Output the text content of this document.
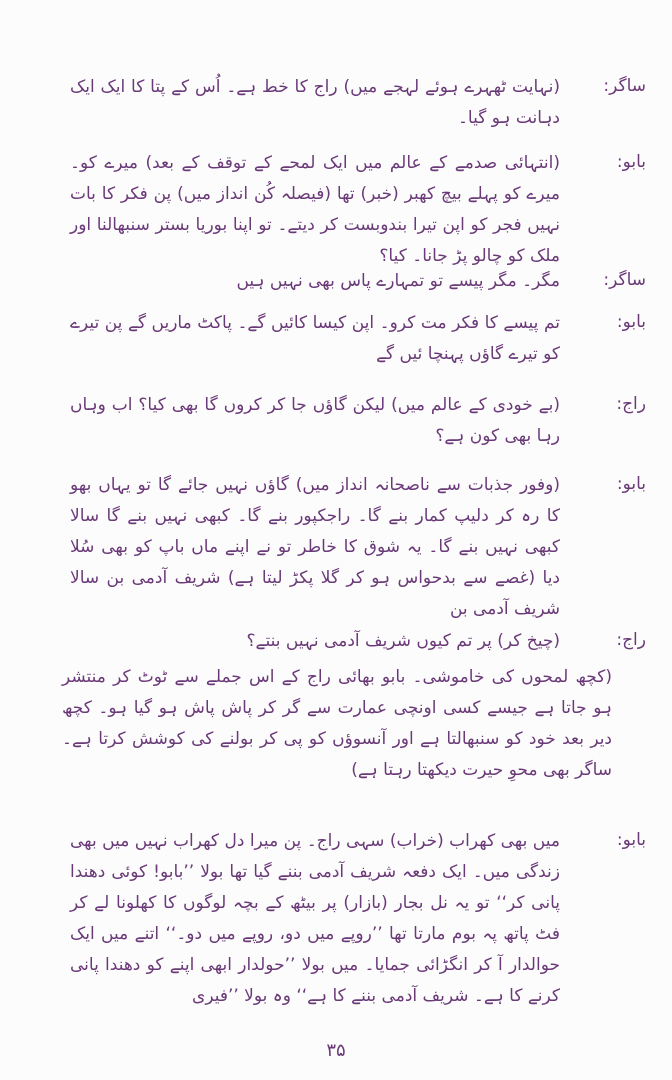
ساگر:
(نہایت ٹھہرے ہوئے لہجے میں) راج کا خط ہے۔ اُس کے پتا کا ایک ایک دہانت ہو گیا۔
بابو:
(انتہائی صدمے کے عالم میں ایک لمحے کے توقف کے بعد) میرے کو۔ میرے کو پہلے بیچ کھبر (خبر) تھا (فیصلہ کُن انداز میں) پن فکر کا بات نہیں فجر کو اپن تیرا بندوبست کر دیتے۔ تو اپنا بوریا بستر سنبھالنا اور ملک کو چالو پڑ جانا۔ کیا؟
ساگر:
مگر۔ مگر پیسے تو تمہارے پاس بھی نہیں ہیں
بابو:
تم پیسے کا فکر مت کرو۔ اپن کیسا کائیں گے۔ پاکٹ ماریں گے پن تیرے کو تیرے گاؤں پہنچا ئیں گے
راج:
(بے خودی کے عالم میں) لیکن گاؤں جا کر کروں گا بھی کیا؟ اب وہاں رہا بھی کون ہے؟
بابو:
(وفور جذبات سے ناصحانہ انداز میں) گاؤں نہیں جائے گا تو یہاں بھو کا رہ کر دلیپ کمار بنے گا۔ راجکپور بنے گا۔ کبھی نہیں بنے گا سالا کبھی نہیں بنے گا۔ یہ شوق کا خاطر تو نے اپنے ماں باپ کو بھی سُلا دیا (غصے سے بدحواس ہو کر گلا پکڑ لیتا ہے) شریف آدمی بن سالا شریف آدمی بن
راج:
(چیخ کر) پر تم کیوں شریف آدمی نہیں بنتے؟
(کچھ لمحوں کی خاموشی۔ بابو بھائی راج کے اس جملے سے ٹوٹ کر منتشر ہو جاتا ہے جیسے کسی اونچی عمارت سے گر کر پاش پاش ہو گیا ہو۔ کچھ دیر بعد خود کو سنبھالتا ہے اور آنسوؤں کو پی کر بولنے کی کوشش کرتا ہے۔ ساگر بھی محوِ حیرت دیکھتا رہتا ہے)
بابو:
میں بھی کھراب (خراب) سہی راج۔ پن میرا دل کھراب نہیں میں بھی زندگی میں۔ ایک دفعہ شریف آدمی بننے گیا تھا بولا ’’بابو! کوئی دھندا پانی کر‘‘ تو یہ نل بجار (بازار) پر بیٹھ کے بچہ لوگوں کا کھلونا لے کر فٹ پاتھ پہ بوم مارتا تھا ’’روپے میں دو، روپے میں دو۔‘‘ اتنے میں ایک حوالدار آ کر انگڑائی جمایا۔ میں بولا ’’حولدار ابھی اپنے کو دھندا پانی کرنے کا ہے۔ شریف آدمی بننے کا ہے‘‘ وہ بولا ’’فیری
۳۵
